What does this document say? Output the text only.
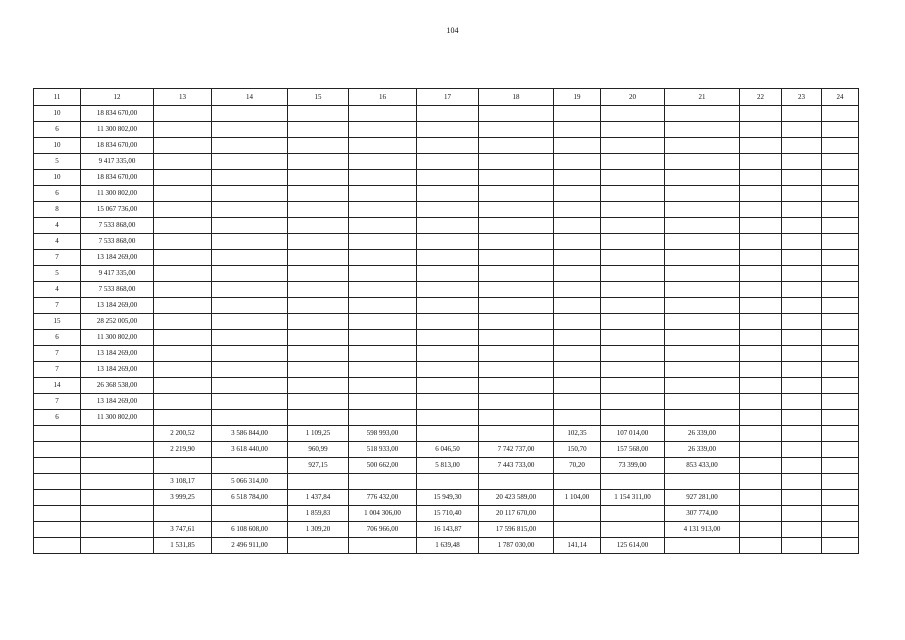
104
11	12	13	14	15	16	17	18	19	20	21	22	23	24
10	18 834 670,00												
6	11 300 802,00												
10	18 834 670,00												
5	9 417 335,00												
10	18 834 670,00												
6	11 300 802,00												
8	15 067 736,00												
4	7 533 868,00												
4	7 533 868,00												
7	13 184 269,00												
5	9 417 335,00												
4	7 533 868,00												
7	13 184 269,00												
15	28 252 005,00												
6	11 300 802,00												
7	13 184 269,00												
7	13 184 269,00												
14	26 368 538,00												
7	13 184 269,00												
6	11 300 802,00												
		2 200,52	3 586 844,00	1 109,25	598 993,00			102,35	107 014,00	26 339,00			
		2 219,90	3 618 440,00	960,99	518 933,00	6 046,50	7 742 737,00	150,70	157 568,00	26 339,00			
				927,15	500 662,00	5 813,00	7 443 733,00	70,20	73 399,00	853 433,00			
		3 108,17	5 066 314,00										
		3 999,25	6 518 784,00	1 437,84	776 432,00	15 949,30	20 423 589,00	1 104,00	1 154 311,00	927 281,00			
				1 859,83	1 004 306,00	15 710,40	20 117 670,00			307 774,00			
		3 747,61	6 108 608,00	1 309,20	706 966,00	16 143,87	17 596 815,00			4 131 913,00			
		1 531,85	2 496 911,00			1 639,48	1 787 030,00	141,14	125 614,00				
